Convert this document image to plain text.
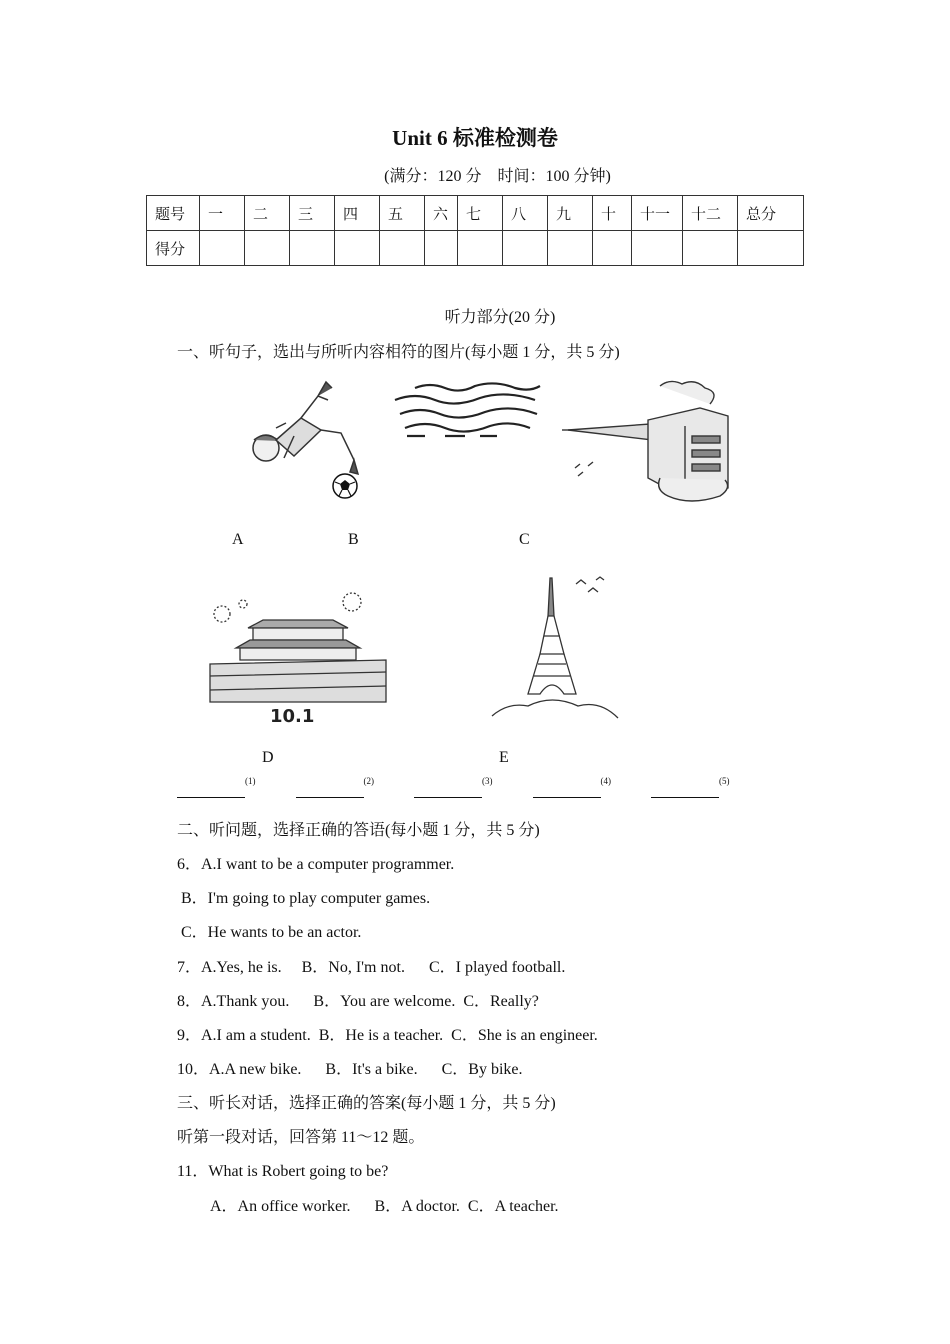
Unit 6 标准检测卷
(满分：120 分　时间：100 分钟)
题号	一	二	三	四	五	六	七	八	九	十	十一	十二	总分
得分													
听力部分(20 分)
一、听句子，选出与所听内容相符的图片(每小题 1 分，共 5 分)
A	B	C
10.1
D	E
$^{(1)}$	$^{(2)}$	$^{(3)}$	$^{(4)}$	$^{(5)}$
二、听问题，选择正确的答语(每小题 1 分，共 5 分)
6．A.I want to be a computer programmer.
B．I'm going to play computer games.
C．He wants to be an actor.
7．A.Yes, he is.　 B．No, I'm not.　  C．I played football.
8．A.Thank you.　  B．You are welcome.  C．Really?
9．A.I am a student.  B．He is a teacher.  C．She is an engineer.
10．A.A new bike.　  B．It's a bike.　  C．By bike.
三、听长对话，选择正确的答案(每小题 1 分，共 5 分)
听第一段对话，回答第 11～12 题。
11．What is Robert going to be?
A．An office worker.　  B．A doctor.  C．A teacher.
